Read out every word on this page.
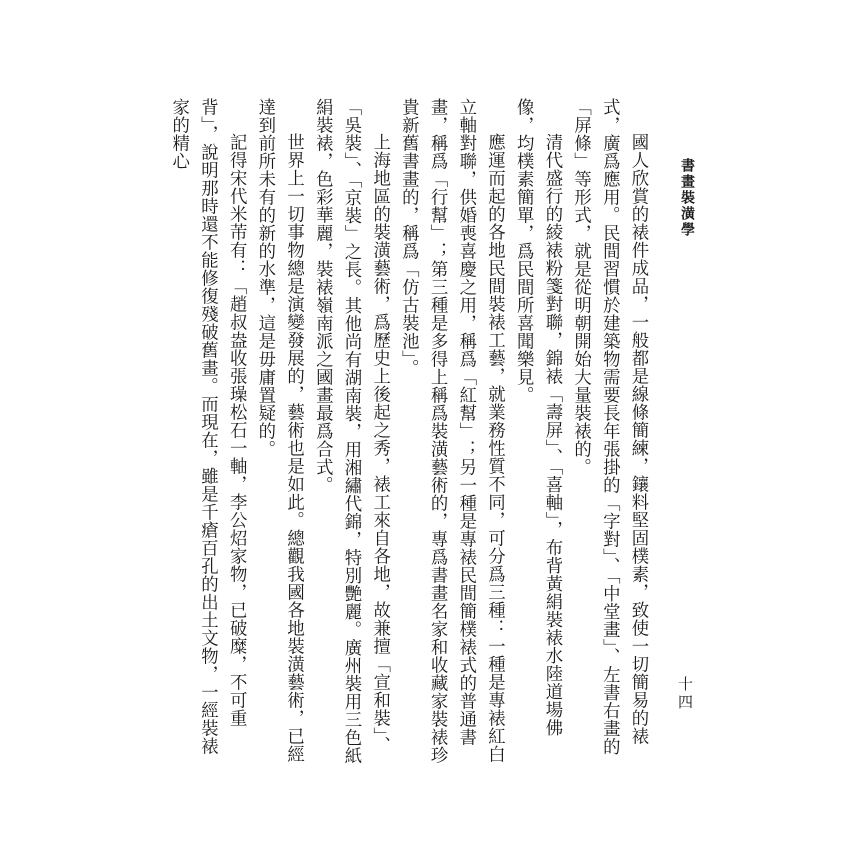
書畫裝潢學
十四

國人欣賞的裱件成品，一般都是線條簡練，鑲料堅固樸素，致使一切簡易的裱式，廣爲應用。民間習慣於建築物需要長年張掛的「字對」、「中堂畫」、左書右畫的「屏條」等形式，就是從明朝開始大量裝裱的。

清代盛行的綾裱粉箋對聯，錦裱「壽屏」、「喜軸」，布背黃絹裝裱水陸道場佛像，均樸素簡單，爲民間所喜聞樂見。

應運而起的各地民間裝裱工藝，就業務性質不同，可分爲三種：一種是專裱紅白立軸對聯，供婚喪喜慶之用，稱爲「紅幫」；另一種是專裱民間簡樸裱式的普通書畫，稱爲「行幫」；第三種是多得上稱爲裝潢藝術的，專爲書畫名家和收藏家裝裱珍貴新舊書畫的，稱爲「仿古裝池」。

上海地區的裝潢藝術，爲歷史上後起之秀，裱工來自各地，故兼擅「宣和裝」、「吳裝」、「京裝」之長。其他尚有湖南裝，用湘繡代錦，特別艷麗。廣州裝用三色紙絹裝裱，色彩華麗，裝裱嶺南派之國畫最爲合式。

世界上一切事物總是演變發展的，藝術也是如此。總觀我國各地裝潢藝術，已經達到前所未有的新的水準，這是毋庸置疑的。

記得宋代米芾有：「趙叔盎收張璪松石一軸，李公炤家物，已破糜，不可重背」，說明那時還不能修復殘破舊畫。而現在，雖是千瘡百孔的出土文物，一經裝裱家的精心
